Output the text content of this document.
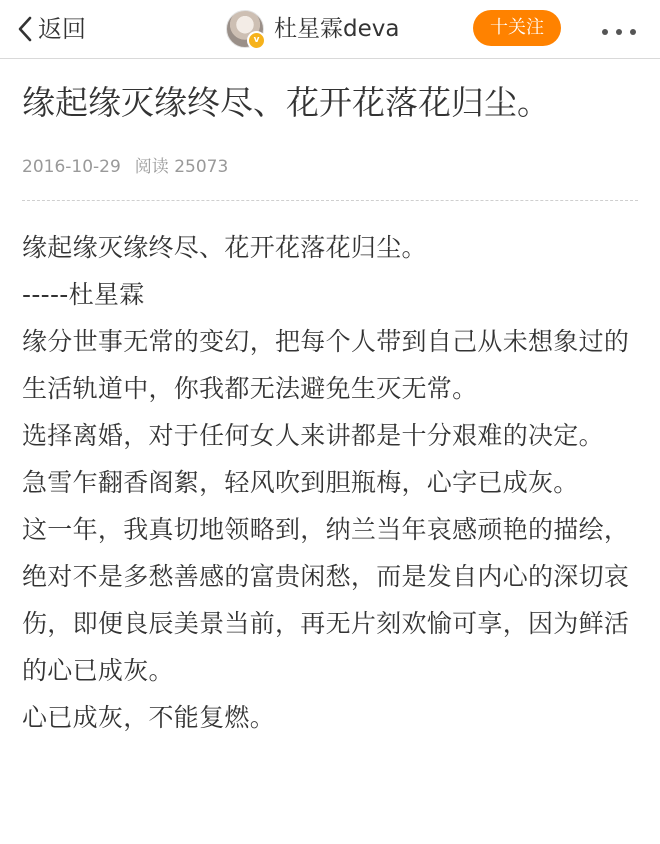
返回	v 杜星霖deva	十关注
缘起缘灭缘终尽、花开花落花归尘。
2016-10-29 阅读 25073

缘起缘灭缘终尽、花开花落花归尘。

-----杜星霖

缘分世事无常的变幻，把每个人带到自己从未想象过的生活轨道中，你我都无法避免生灭无常。

选择离婚，对于任何女人来讲都是十分艰难的决定。

急雪乍翻香阁絮，轻风吹到胆瓶梅，心字已成灰。

这一年，我真切地领略到，纳兰当年哀感顽艳的描绘，绝对不是多愁善感的富贵闲愁，而是发自内心的深切哀伤，即便良辰美景当前，再无片刻欢愉可享，因为鲜活的心已成灰。

心已成灰，不能复燃。
